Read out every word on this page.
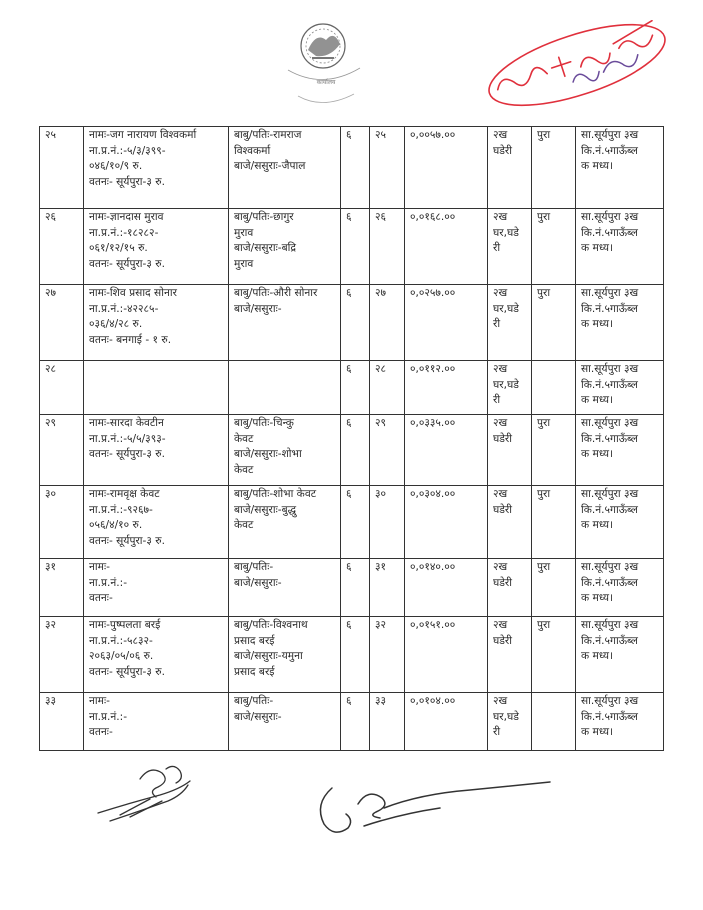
कार्यालय
२५	नामः-जग नारायण विश्वकर्मा
ना.प्र.नं.:-५/३/३९९-
०४६/१०/९ रु.
वतनः- सूर्यपुरा-३ रु.	बाबु/पतिः-रामराज
विश्वकर्मा
बाजे/ससुराः-जैपाल	६	२५	०,००५७.००	२ख
घडेरी	पुरा	सा.सूर्यपुरा ३ख
कि.नं.५गाऊँब्ल
क मध्य।

२६	नामः-ज्ञानदास मुराव
ना.प्र.नं.:-१८२८२-
०६१/१२/१५ रु.
वतनः- सूर्यपुरा-३ रु.	बाबु/पतिः-छागुर
मुराव
बाजे/ससुराः-बद्रि
मुराव	६	२६	०,०१६८.००	२ख
घर,घडे
री	पुरा	सा.सूर्यपुरा ३ख
कि.नं.५गाऊँब्ल
क मध्य।

२७	नामः-शिव प्रसाद सोनार
ना.प्र.नं.:-४२२८५-
०३६/४/२८ रु.
वतनः- बनगाई - १ रु.	बाबु/पतिः-औरी सोनार
बाजे/ससुराः-	६	२७	०,०२५७.००	२ख
घर,घडे
री	पुरा	सा.सूर्यपुरा ३ख
कि.नं.५गाऊँब्ल
क मध्य।

२८			६	२८	०,०११२.००	२ख
घर,घडे
री		सा.सूर्यपुरा ३ख
कि.नं.५गाऊँब्ल
क मध्य।

२९	नामः-सारदा केवटीन
ना.प्र.नं.:-५/५/३९३-
वतनः- सूर्यपुरा-३ रु.	बाबु/पतिः-चिन्कु
केवट
बाजे/ससुराः-शोभा
केवट	६	२९	०,०३३५.००	२ख
घडेरी	पुरा	सा.सूर्यपुरा ३ख
कि.नं.५गाऊँब्ल
क मध्य।

३०	नामः-रामवृक्ष केवट
ना.प्र.नं.:-९२६७-
०५६/४/१० रु.
वतनः- सूर्यपुरा-३ रु.	बाबु/पतिः-शोभा केवट
बाजे/ससुराः-बुद्धु
केवट	६	३०	०,०३०४.००	२ख
घडेरी	पुरा	सा.सूर्यपुरा ३ख
कि.नं.५गाऊँब्ल
क मध्य।

३१	नामः-
ना.प्र.नं.:-
वतनः-	बाबु/पतिः-
बाजे/ससुराः-	६	३१	०,०१४०.००	२ख
घडेरी	पुरा	सा.सूर्यपुरा ३ख
कि.नं.५गाऊँब्ल
क मध्य।

३२	नामः-पुष्पलता बरई
ना.प्र.नं.:-५८३२-
२०६३/०५/०६ रु.
वतनः- सूर्यपुरा-३ रु.	बाबु/पतिः-विश्वनाथ
प्रसाद बरई
बाजे/ससुराः-यमुना
प्रसाद बरई	६	३२	०,०१५१.००	२ख
घडेरी	पुरा	सा.सूर्यपुरा ३ख
कि.नं.५गाऊँब्ल
क मध्य।

३३	नामः-
ना.प्र.नं.:-
वतनः-	बाबु/पतिः-
बाजे/ससुराः-	६	३३	०,०१०४.००	२ख
घर,घडे
री		सा.सूर्यपुरा ३ख
कि.नं.५गाऊँब्ल
क मध्य।
